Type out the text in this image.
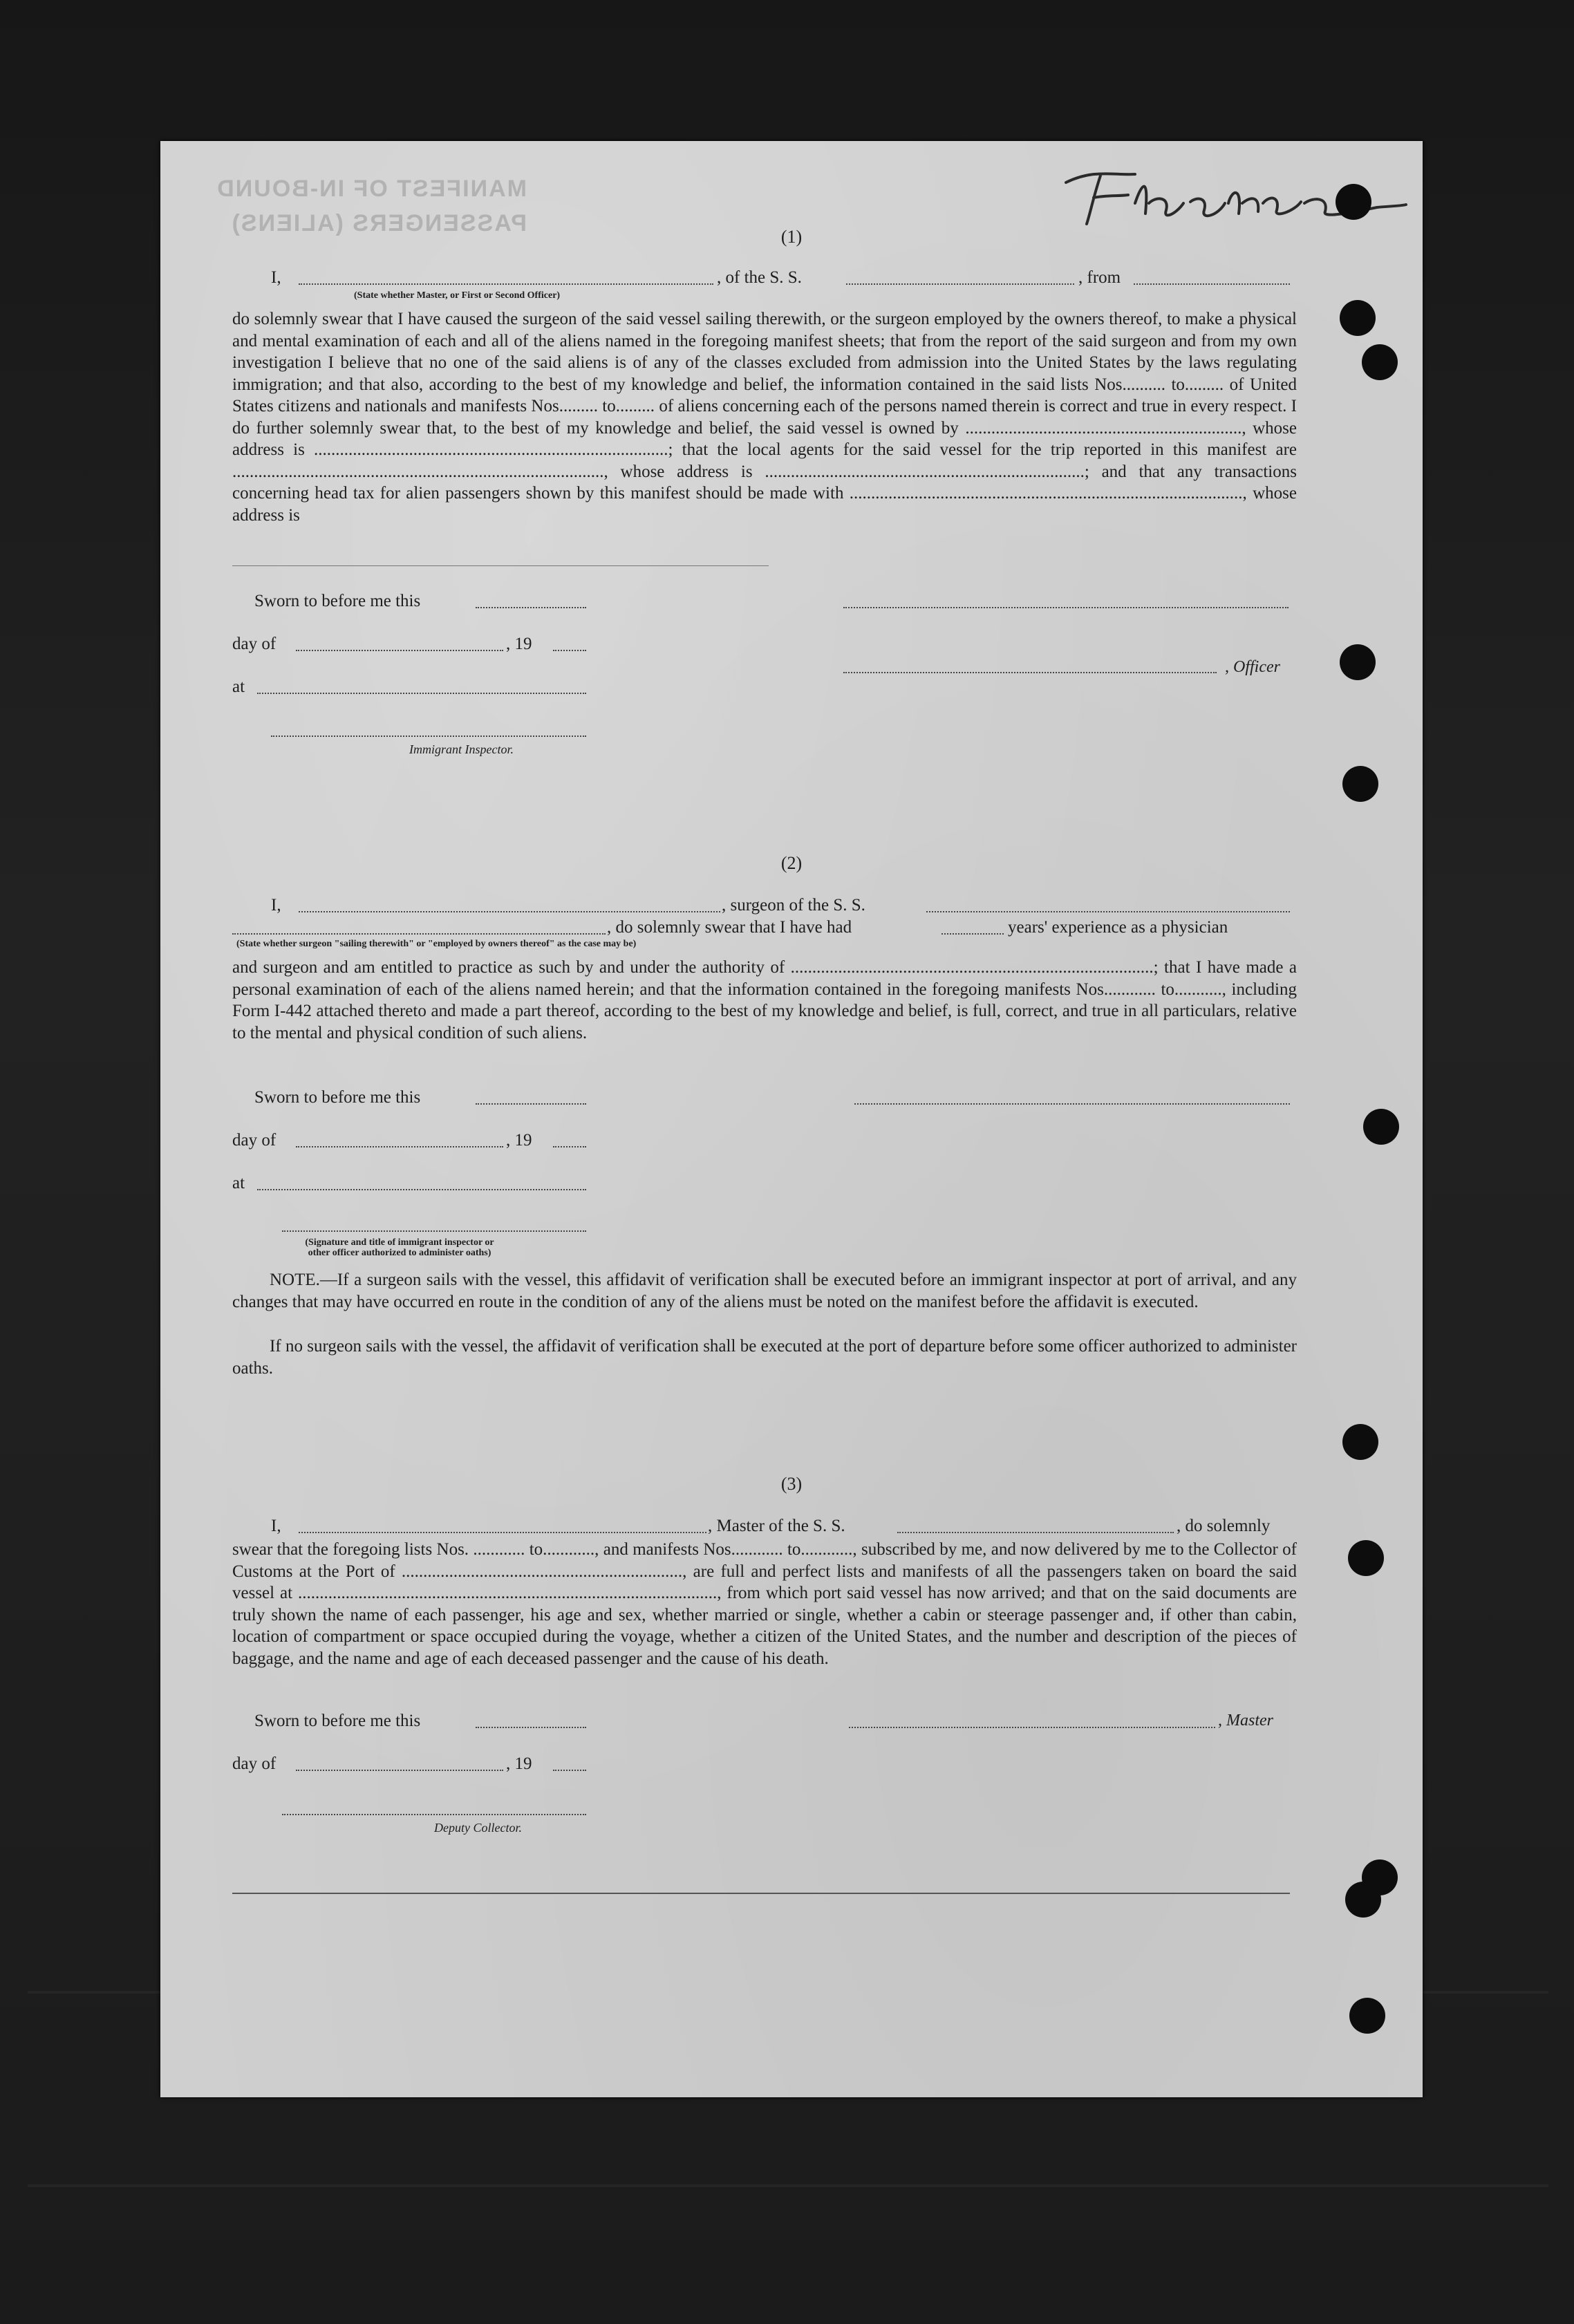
MANIFEST OF IN-BOUND
PASSENGERS (ALIENS)
(1)
I,	, of the S. S.	, from
(State whether Master, or First or Second Officer)
do solemnly swear that I have caused the surgeon of the said vessel sailing therewith, or the surgeon employed by the owners thereof, to make a physical and mental examination of each and all of the aliens named in the foregoing manifest sheets; that from the report of the said surgeon and from my own investigation I believe that no one of the said aliens is of any of the classes excluded from admission into the United States by the laws regulating immigration; and that also, according to the best of my knowledge and belief, the information contained in the said lists Nos.......... to......... of United States citizens and nationals and manifests Nos......... to......... of aliens concerning each of the persons named therein is correct and true in every respect. I do further solemnly swear that, to the best of my knowledge and belief, the said vessel is owned by ................................................................, whose address is ..................................................................................; that the local agents for the said vessel for the trip reported in this manifest are ......................................................................................, whose address is ..........................................................................; and that any transactions concerning head tax for alien passengers shown by this manifest should be made with ..........................................................................................., whose address is
Sworn to before me this
day of	, 19
, Officer
at
Immigrant Inspector.
(2)
I,	, surgeon of the S. S.
, do solemnly swear that I have had	years' experience as a physician
(State whether surgeon "sailing therewith" or "employed by owners thereof" as the case may be)
and surgeon and am entitled to practice as such by and under the authority of ....................................................................................; that I have made a personal examination of each of the aliens named herein; and that the information contained in the foregoing manifests Nos............ to..........., including Form I-442 attached thereto and made a part thereof, according to the best of my knowledge and belief, is full, correct, and true in all particulars, relative to the mental and physical condition of such aliens.
Sworn to before me this
day of	, 19
at
(Signature and title of immigrant inspector or other officer authorized to administer oaths)
NOTE.—If a surgeon sails with the vessel, this affidavit of verification shall be executed before an immigrant inspector at port of arrival, and any changes that may have occurred en route in the condition of any of the aliens must be noted on the manifest before the affidavit is executed.
If no surgeon sails with the vessel, the affidavit of verification shall be executed at the port of departure before some officer authorized to administer oaths.
(3)
I,	, Master of the S. S.	, do solemnly
swear that the foregoing lists Nos. ............ to............, and manifests Nos............ to............, subscribed by me, and now delivered by me to the Collector of Customs at the Port of ................................................................., are full and perfect lists and manifests of all the passengers taken on board the said vessel at ................................................................................................., from which port said vessel has now arrived; and that on the said documents are truly shown the name of each passenger, his age and sex, whether married or single, whether a cabin or steerage passenger and, if other than cabin, location of compartment or space occupied during the voyage, whether a citizen of the United States, and the number and description of the pieces of baggage, and the name and age of each deceased passenger and the cause of his death.
Sworn to before me this	, Master
day of	, 19
Deputy Collector.
